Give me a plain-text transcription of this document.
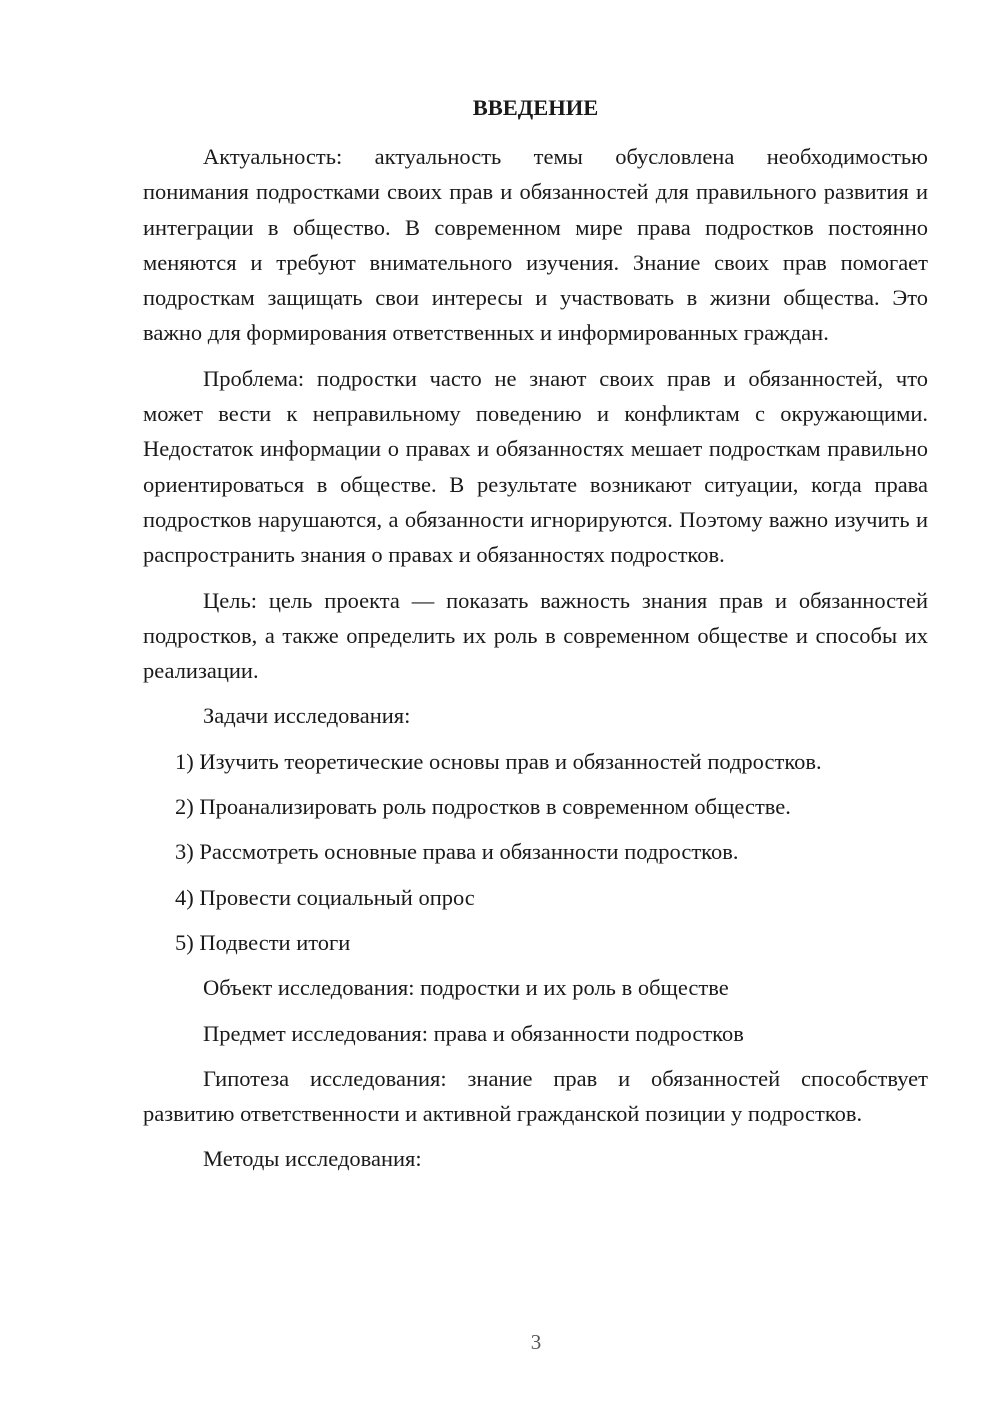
ВВЕДЕНИЕ

Актуальность: актуальность темы обусловлена необходимостью понимания подростками своих прав и обязанностей для правильного развития и интеграции в общество. В современном мире права подростков постоянно меняются и требуют внимательного изучения. Знание своих прав помогает подросткам защищать свои интересы и участвовать в жизни общества. Это важно для формирования ответственных и информированных граждан.

Проблема: подростки часто не знают своих прав и обязанностей, что может вести к неправильному поведению и конфликтам с окружающими. Недостаток информации о правах и обязанностях мешает подросткам правильно ориентироваться в обществе. В результате возникают ситуации, когда права подростков нарушаются, а обязанности игнорируются. Поэтому важно изучить и распространить знания о правах и обязанностях подростков.

Цель: цель проекта — показать важность знания прав и обязанностей подростков, а также определить их роль в современном обществе и способы их реализации.

Задачи исследования:

1) Изучить теоретические основы прав и обязанностей подростков.
2) Проанализировать роль подростков в современном обществе.
3) Рассмотреть основные права и обязанности подростков.
4) Провести социальный опрос
5) Подвести итоги

Объект исследования: подростки и их роль в обществе

Предмет исследования: права и обязанности подростков

Гипотеза исследования: знание прав и обязанностей способствует развитию ответственности и активной гражданской позиции у подростков.

Методы исследования:

3
